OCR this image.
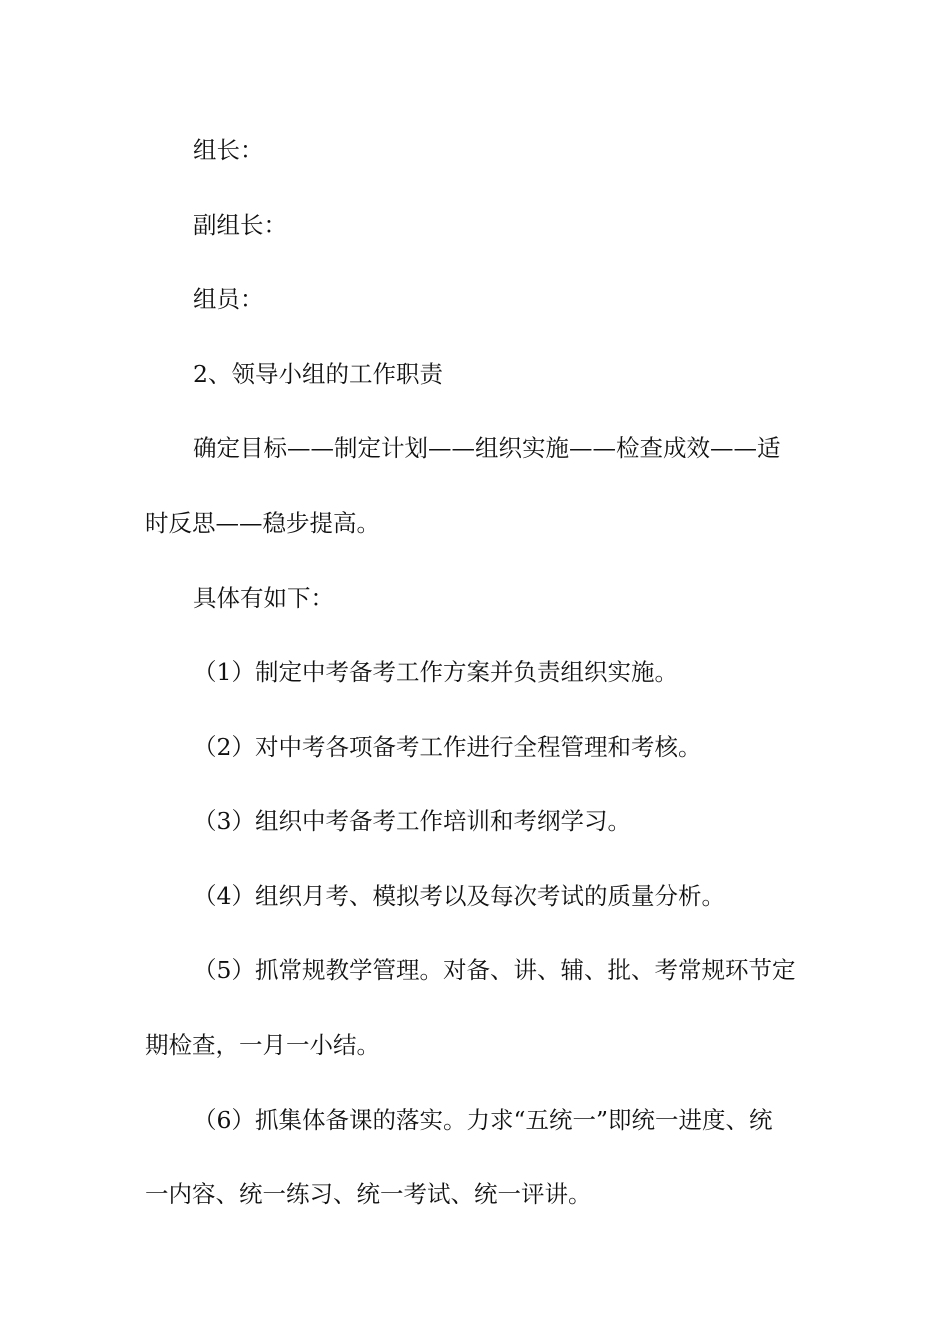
组长：

副组长：

组员：

2、领导小组的工作职责

确定目标——制定计划——组织实施——检查成效——适

时反思——稳步提高。

具体有如下：

（1）制定中考备考工作方案并负责组织实施。

（2）对中考各项备考工作进行全程管理和考核。

（3）组织中考备考工作培训和考纲学习。

（4）组织月考、模拟考以及每次考试的质量分析。

（5）抓常规教学管理。对备、讲、辅、批、考常规环节定

期检查，一月一小结。

（6）抓集体备课的落实。力求“五统一”即统一进度、统

一内容、统一练习、统一考试、统一评讲。
